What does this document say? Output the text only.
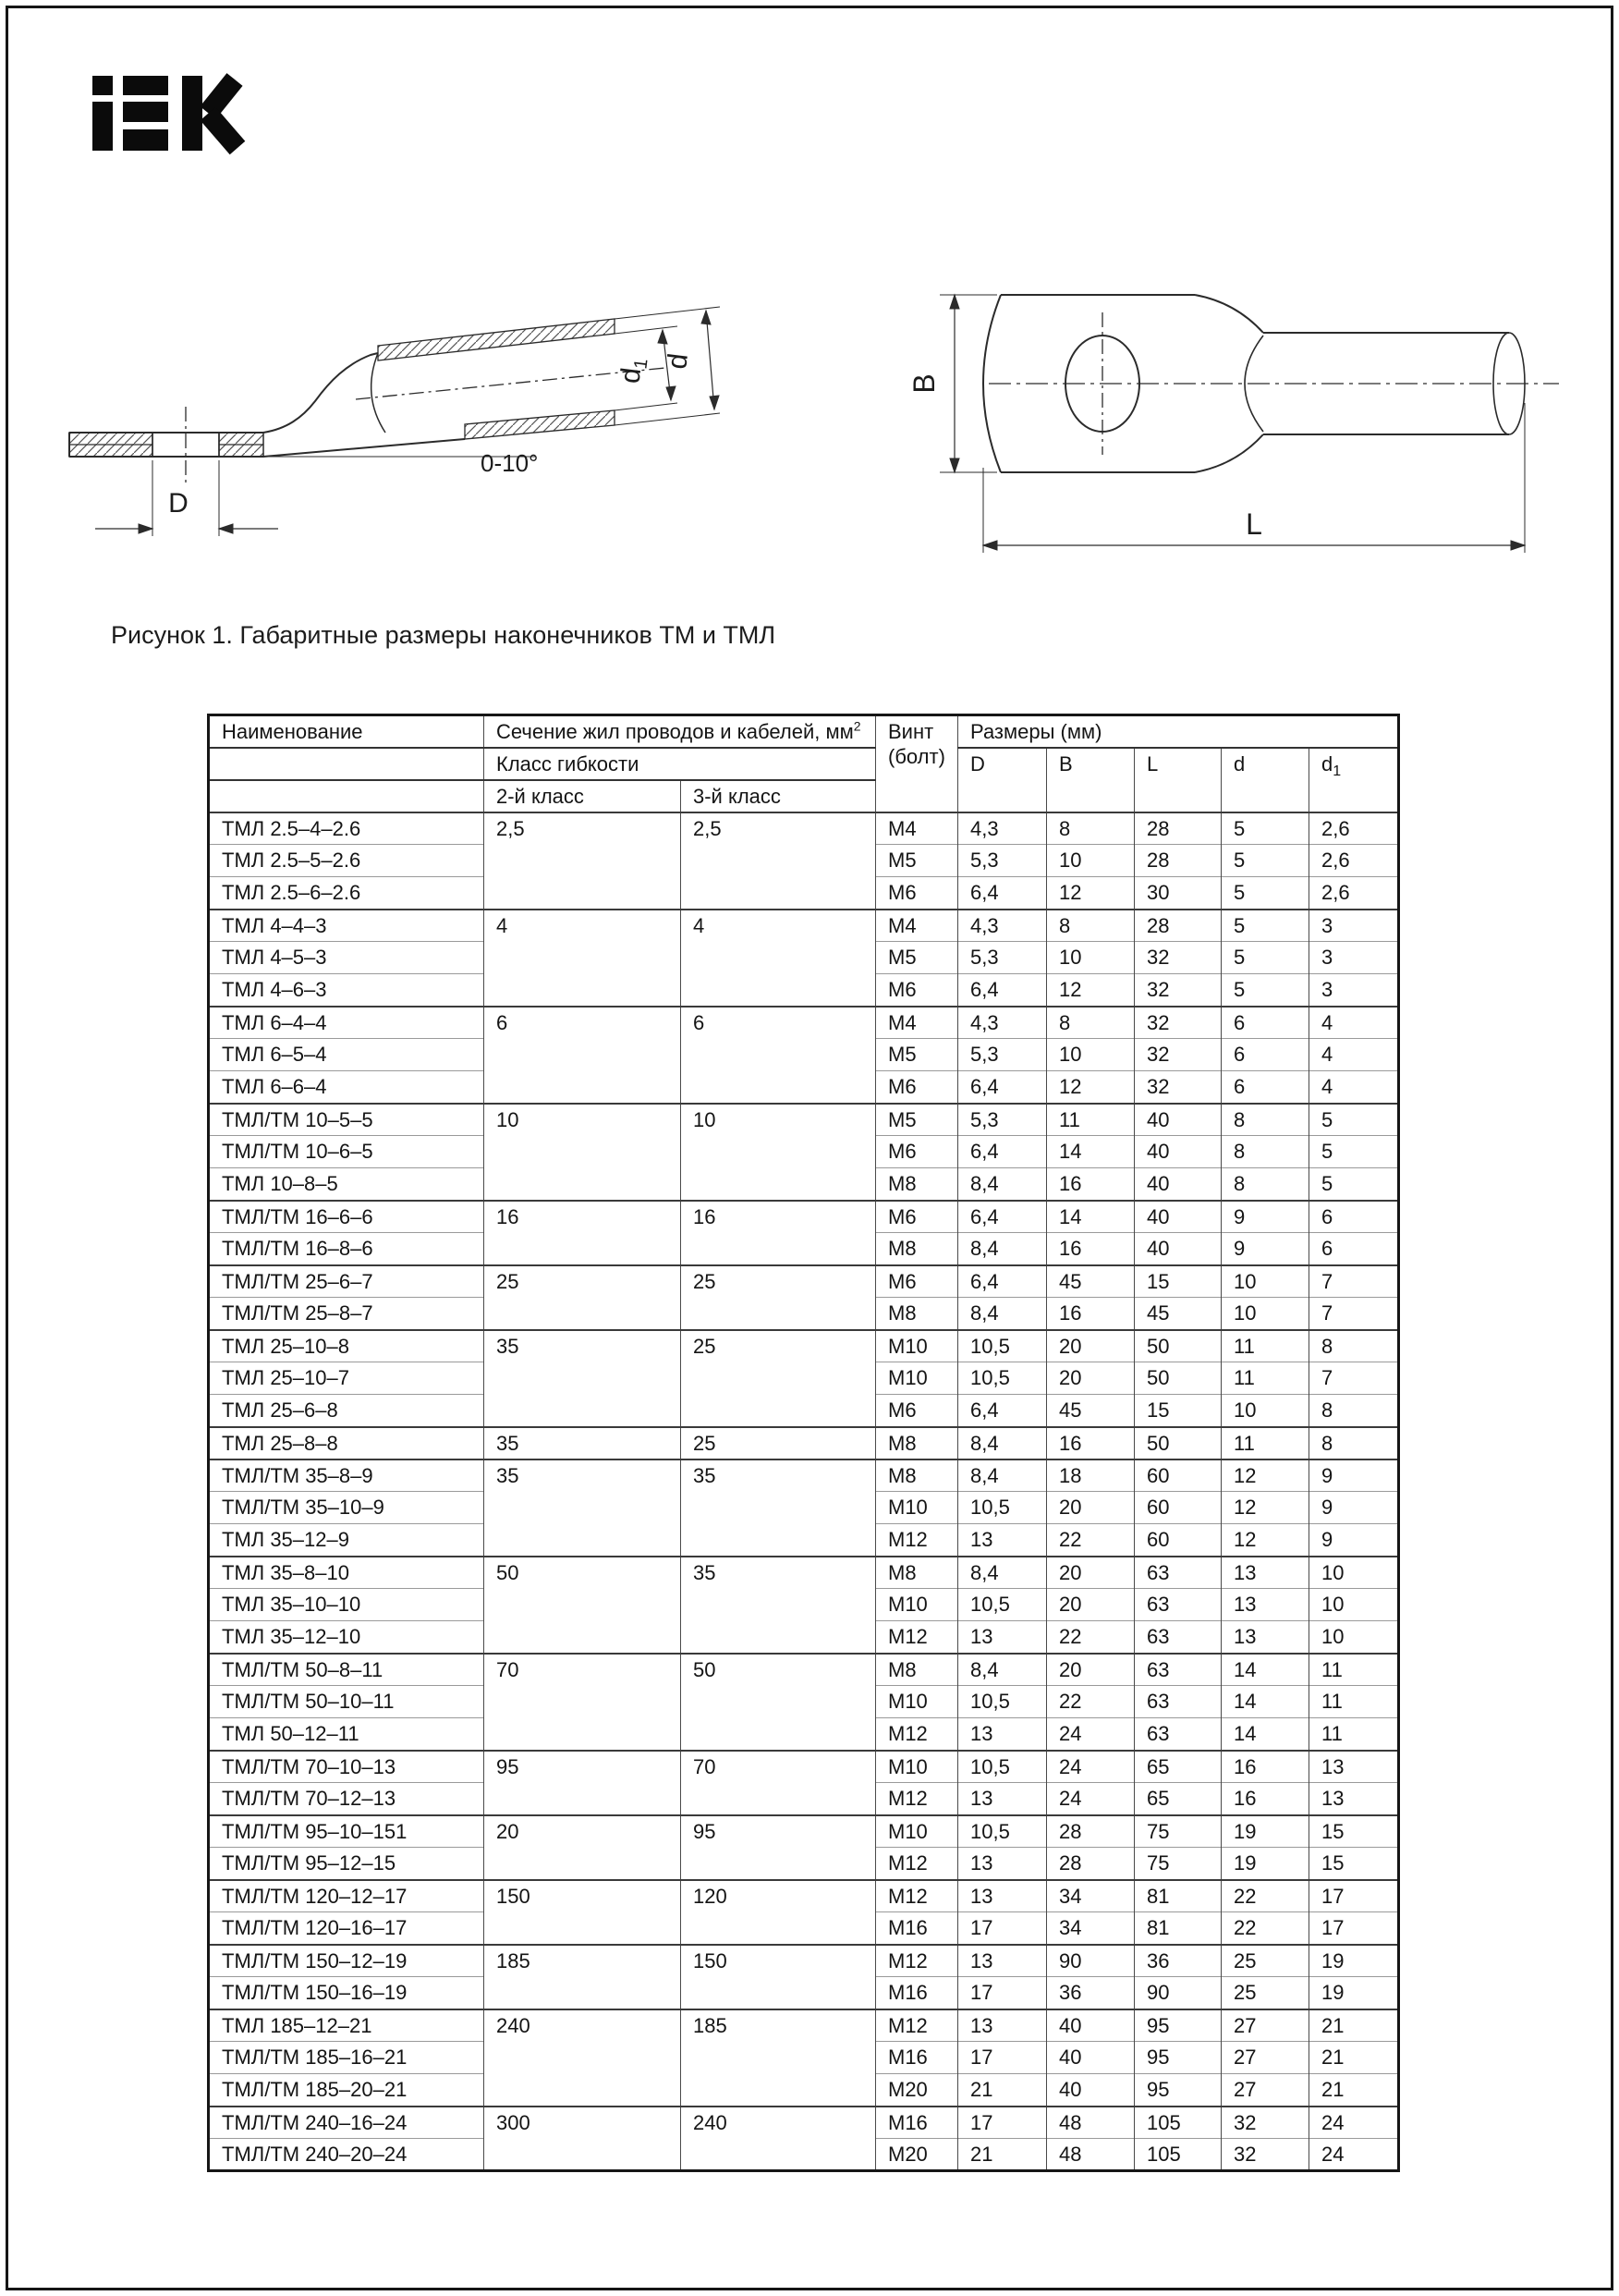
D
0-10°
$d_1$ d
B
L
Рисунок 1. Габаритные размеры наконечников ТМ и ТМЛ
Наименование	Сечение жил проводов и кабелей, $мм^2$		Винт
(болт)	Размеры (мм)				
	Класс гибкости			D	B	L	d	$d_1$
	2-й класс	3-й класс						
ТМЛ 2.5–4–2.6	2,5	2,5	М4	4,3	8	28	5	2,6
ТМЛ 2.5–5–2.6			М5	5,3	10	28	5	2,6
ТМЛ 2.5–6–2.6			М6	6,4	12	30	5	2,6
ТМЛ 4–4–3	4	4	М4	4,3	8	28	5	3
ТМЛ 4–5–3			М5	5,3	10	32	5	3
ТМЛ 4–6–3			М6	6,4	12	32	5	3
ТМЛ 6–4–4	6	6	М4	4,3	8	32	6	4
ТМЛ 6–5–4			М5	5,3	10	32	6	4
ТМЛ 6–6–4			М6	6,4	12	32	6	4
ТМЛ/ТМ 10–5–5	10	10	М5	5,3	11	40	8	5
ТМЛ/ТМ 10–6–5			М6	6,4	14	40	8	5
ТМЛ 10–8–5			М8	8,4	16	40	8	5
ТМЛ/ТМ 16–6–6	16	16	М6	6,4	14	40	9	6
ТМЛ/ТМ 16–8–6			М8	8,4	16	40	9	6
ТМЛ/ТМ 25–6–7	25	25	М6	6,4	45	15	10	7
ТМЛ/ТМ 25–8–7			М8	8,4	16	45	10	7
ТМЛ 25–10–8	35	25	М10	10,5	20	50	11	8
ТМЛ 25–10–7			М10	10,5	20	50	11	7
ТМЛ 25–6–8			М6	6,4	45	15	10	8
ТМЛ 25–8–8	35	25	М8	8,4	16	50	11	8
ТМЛ/ТМ 35–8–9	35	35	М8	8,4	18	60	12	9
ТМЛ/ТМ 35–10–9			М10	10,5	20	60	12	9
ТМЛ 35–12–9			М12	13	22	60	12	9
ТМЛ 35–8–10	50	35	М8	8,4	20	63	13	10
ТМЛ 35–10–10			М10	10,5	20	63	13	10
ТМЛ 35–12–10			М12	13	22	63	13	10
ТМЛ/ТМ 50–8–11	70	50	М8	8,4	20	63	14	11
ТМЛ/ТМ 50–10–11			М10	10,5	22	63	14	11
ТМЛ 50–12–11			М12	13	24	63	14	11
ТМЛ/ТМ 70–10–13	95	70	М10	10,5	24	65	16	13
ТМЛ/ТМ 70–12–13			М12	13	24	65	16	13
ТМЛ/ТМ 95–10–151	20	95	М10	10,5	28	75	19	15
ТМЛ/ТМ 95–12–15			М12	13	28	75	19	15
ТМЛ/ТМ 120–12–17	150	120	М12	13	34	81	22	17
ТМЛ/ТМ 120–16–17			М16	17	34	81	22	17
ТМЛ/ТМ 150–12–19	185	150	М12	13	90	36	25	19
ТМЛ/ТМ 150–16–19			М16	17	36	90	25	19
ТМЛ 185–12–21	240	185	М12	13	40	95	27	21
ТМЛ/ТМ 185–16–21			М16	17	40	95	27	21
ТМЛ/ТМ 185–20–21			М20	21	40	95	27	21
ТМЛ/ТМ 240–16–24	300	240	М16	17	48	105	32	24
ТМЛ/ТМ 240–20–24			М20	21	48	105	32	24
